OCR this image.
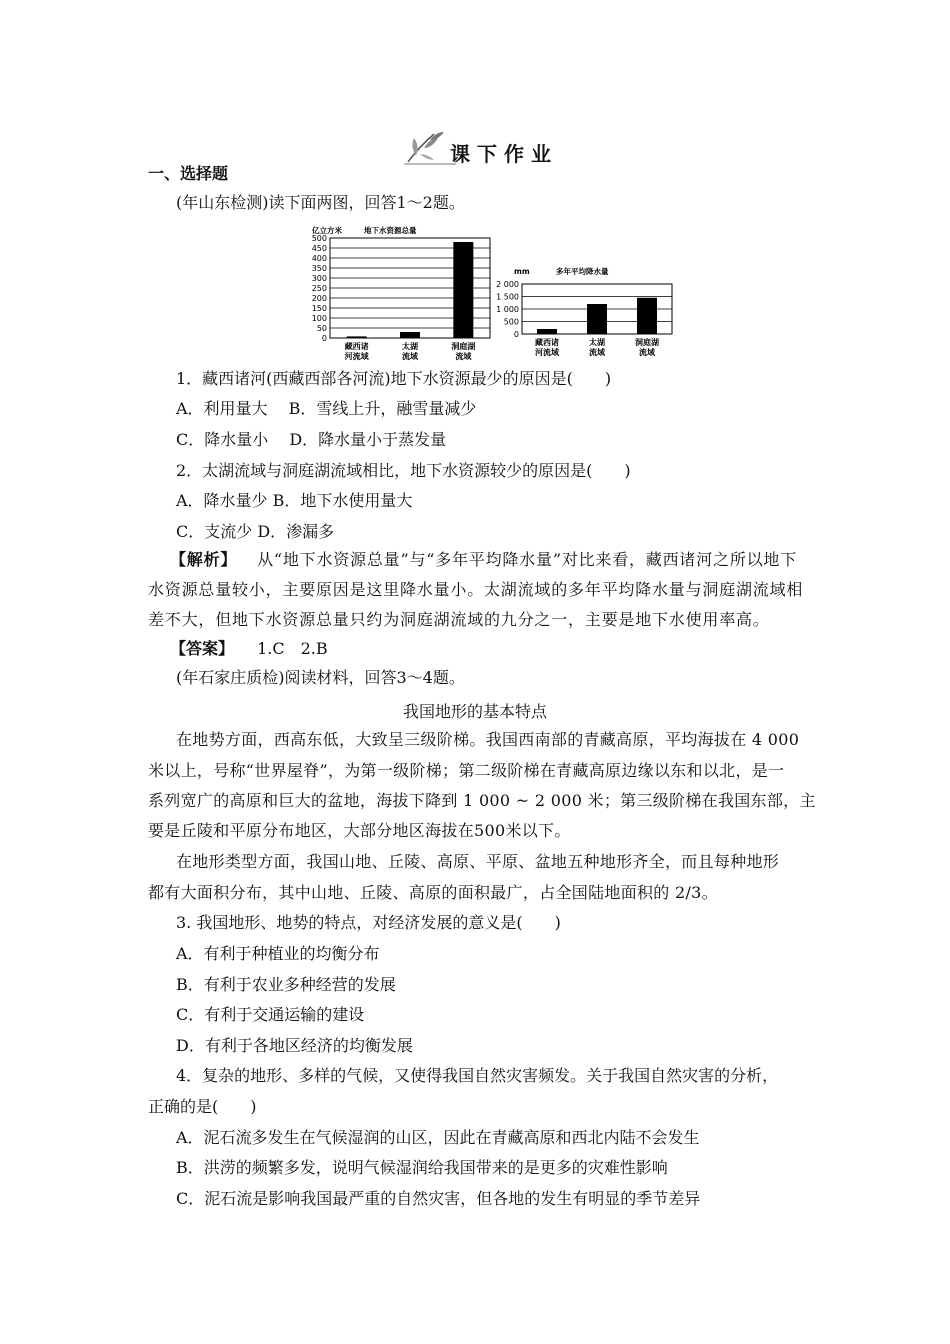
课下作业
一、选择题
(年山东检测)读下面两图，回答1～2题。
亿立方米	地下水资源总量
500
450
400
350
300
250
200
150
100
50
0
藏西诸
河流域
太湖
流域
洞庭湖
流域
mm	多年平均降水量
2 000
1 500
1 000
500
0
藏西诸
河流域
太湖
流域
洞庭湖
流域
1．藏西诸河(西藏西部各河流)地下水资源最少的原因是(　　)
A．利用量大　 B．雪线上升，融雪量减少
C．降水量小　 D．降水量小于蒸发量
2．太湖流域与洞庭湖流域相比，地下水资源较少的原因是(　　)
A．降水量少 B．地下水使用量大
C．支流少 D．渗漏多
【解析】 从“地下水资源总量”与“多年平均降水量”对比来看，藏西诸河之所以地下
水资源总量较小，主要原因是这里降水量小。太湖流域的多年平均降水量与洞庭湖流域相
差不大，但地下水资源总量只约为洞庭湖流域的九分之一，主要是地下水使用率高。
【答案】 1.C　2.B
(年石家庄质检)阅读材料，回答3～4题。
我国地形的基本特点
在地势方面，西高东低，大致呈三级阶梯。我国西南部的青藏高原，平均海拔在 4 000
米以上，号称“世界屋脊”，为第一级阶梯；第二级阶梯在青藏高原边缘以东和以北，是一
系列宽广的高原和巨大的盆地，海拔下降到 1 000 ~ 2 000 米；第三级阶梯在我国东部，主
要是丘陵和平原分布地区，大部分地区海拔在500米以下。
在地形类型方面，我国山地、丘陵、高原、平原、盆地五种地形齐全，而且每种地形
都有大面积分布，其中山地、丘陵、高原的面积最广，占全国陆地面积的 2/3。
3. 我国地形、地势的特点，对经济发展的意义是(　　)
A．有利于种植业的均衡分布
B．有利于农业多种经营的发展
C．有利于交通运输的建设
D．有利于各地区经济的均衡发展
4．复杂的地形、多样的气候，又使得我国自然灾害频发。关于我国自然灾害的分析，
正确的是(　　)
A．泥石流多发生在气候湿润的山区，因此在青藏高原和西北内陆不会发生
B．洪涝的频繁多发，说明气候湿润给我国带来的是更多的灾难性影响
C．泥石流是影响我国最严重的自然灾害，但各地的发生有明显的季节差异
